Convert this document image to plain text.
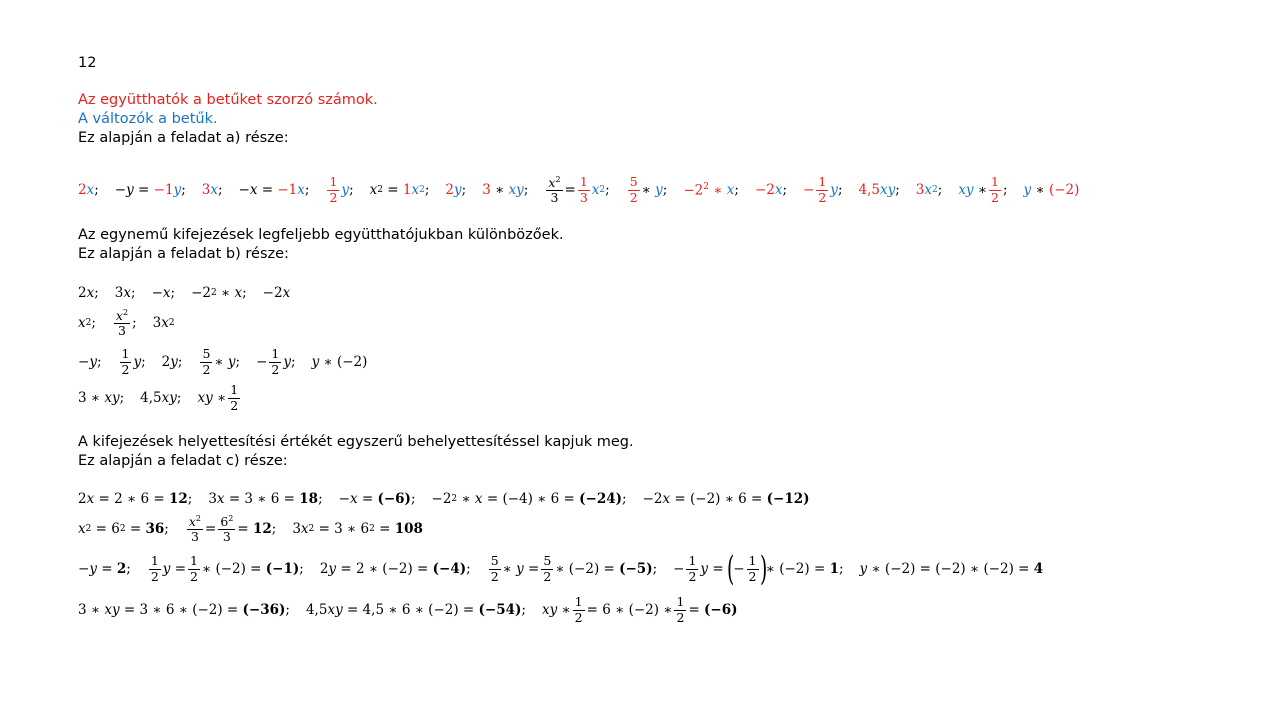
12
Az együtthatók a betűket szorzó számok.
A változók a betűk.
Ez alapján a feladat a) része:
2 x ;
− y = −1 y ; 3 x ;
− x = −1 x ; $\frac{1}{2}$ y ; x 2 = 1 x 2 ; 2 y ; 3 ∗ xy ; $\frac{x^2}{3} = \frac{1}{3}$ x 2 ; $\frac{5}{2}$ ∗ y ; $-2^2$ ∗
x ; −2 x ; − $\frac{1}{2}$ y ; 4,5 xy ; 3 x 2 ; xy ∗ $\frac{1}{2}$ ; y ∗ (−2)
Az egynemű kifejezések legfeljebb együtthatójukban különbözőek.
Ez alapján a feladat b) része:
2 x ; 3 x ; − x ; −2 2 ∗ x ; −2 x
x 2 ; $\frac{x^2}{3}$ ;
3 x 2
− y ; $\frac{1}{2}$ y ;
2 y ; $\frac{5}{2}$ ∗ y ;
− $\frac{1}{2}$ y ; y ∗ (−2)
3 ∗ xy ;
4,5 xy ; xy ∗ $\frac{1}{2}$
A kifejezések helyettesítési értékét egyszerű behelyettesítéssel kapjuk meg.
Ez alapján a feladat c) része:
2 x = 2 ∗ 6 = 12 ;
3 x = 3 ∗ 6 = 18 ;
− x = (−6) ;
−2 2 ∗ x = (−4) ∗ 6 = (−24) ;
−2 x = (−2) ∗ 6 = (−12)
x 2 = 6 2 = 36 ; $\frac{x^2}{3} = \frac{6^2}{3} = 12$ ;
3 x 2 = 3 ∗ 6 2 = 108
− y = 2 ; $\frac{1}{2}$ $y = \frac{1}{2}$ ∗ (−2) = (−1) ;
2 y = 2 ∗ (−2) = (−4) ; $\frac{5}{2}$ ∗ $y = \frac{5}{2}$ ∗ (−2) = (−5) ;
− $\frac{1}{2}$ y =
(
− $\frac{1}{2}$ )
∗ (−2) = 1 ; y ∗ (−2) = (−2) ∗ (−2) = 4
3 ∗ xy = 3 ∗ 6 ∗ (−2) = (−36) ;
4,5 xy = 4,5 ∗ 6 ∗ (−2) = (−54) ; xy ∗ $\frac{1}{2} = 6$ ∗ (−2) ∗ $\frac{1}{2} = (-6)$
